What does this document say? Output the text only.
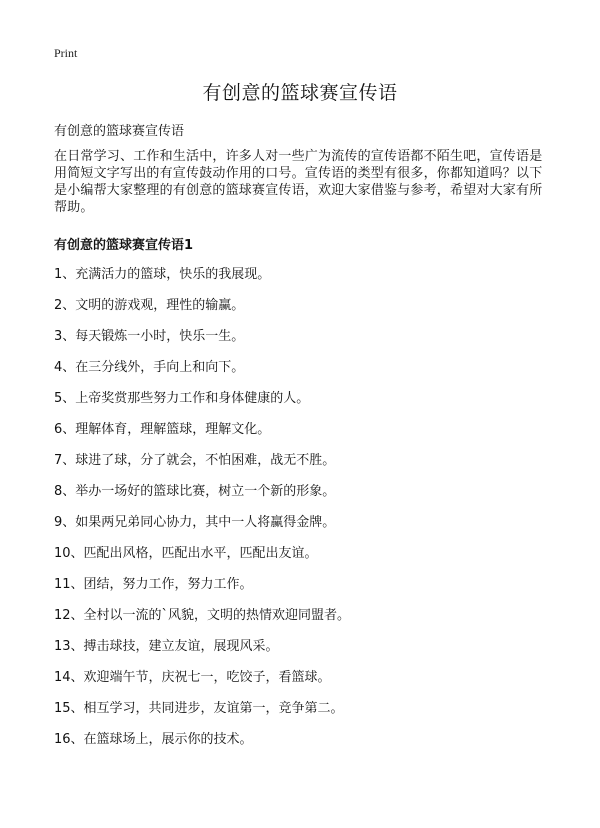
Print
有创意的篮球赛宣传语

有创意的篮球赛宣传语

在日常学习、工作和生活中，许多人对一些广为流传的宣传语都不陌生吧，宣传语是用简短文字写出的有宣传鼓动作用的口号。宣传语的类型有很多，你都知道吗？以下是小编帮大家整理的有创意的篮球赛宣传语，欢迎大家借鉴与参考，希望对大家有所帮助。

有创意的篮球赛宣传语1
1、充满活力的篮球，快乐的我展现。
2、文明的游戏观，理性的输赢。
3、每天锻炼一小时，快乐一生。
4、在三分线外，手向上和向下。
5、上帝奖赏那些努力工作和身体健康的人。
6、理解体育，理解篮球，理解文化。
7、球进了球，分了就会，不怕困难，战无不胜。
8、举办一场好的篮球比赛，树立一个新的形象。
9、如果两兄弟同心协力，其中一人将赢得金牌。
10、匹配出风格，匹配出水平，匹配出友谊。
11、团结，努力工作，努力工作。
12、全村以一流的`风貌，文明的热情欢迎同盟者。
13、搏击球技，建立友谊，展现风采。
14、欢迎端午节，庆祝七一，吃饺子，看篮球。
15、相互学习，共同进步，友谊第一，竞争第二。
16、在篮球场上，展示你的技术。
